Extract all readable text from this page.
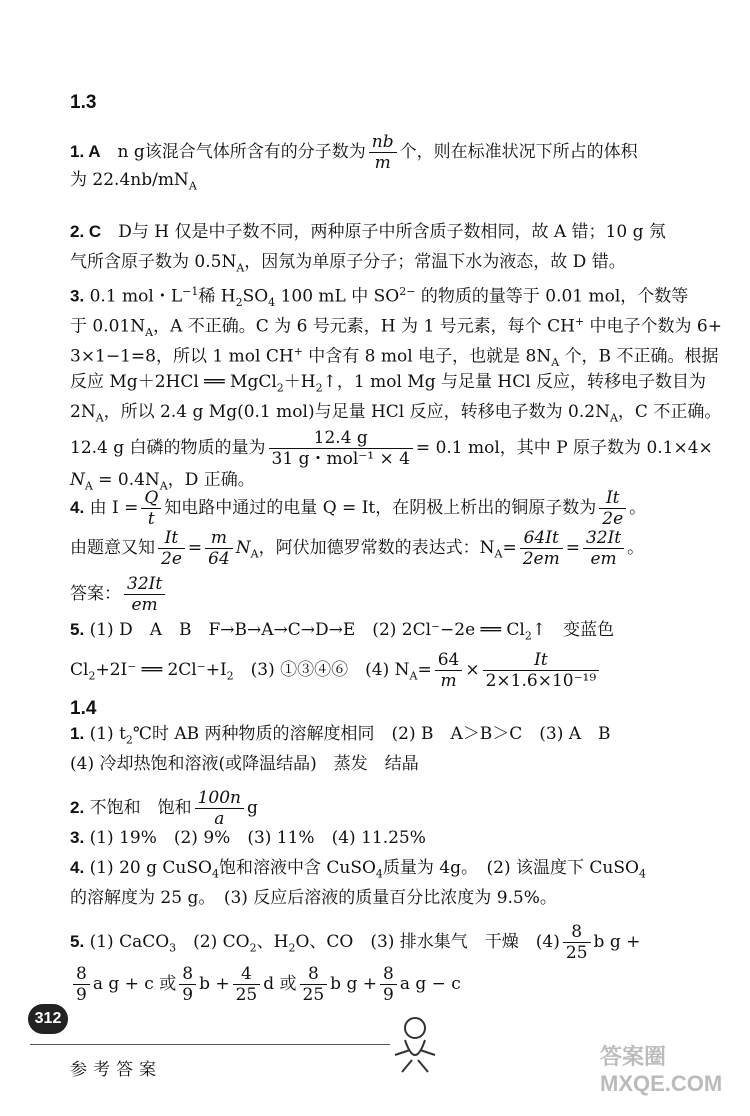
1.3
1. A　 n g该混合气体所含有的分子数为 $\frac{nb}{m}$ 个，则在标准状况下所占的体积
为 $22.4nb/mN_A$
2. C　 D与 H 仅是中子数不同，两种原子中所含质子数相同，故 A 错；10 g 氖
气所含原子数为 $0.5N_A$，因氖为单原子分子；常温下水为液态，故 D 错。
3. 0.1 mol・$L^{-1}$稀 $H_2SO_4$ 100 mL 中 $SO^{2-}$ 的物质的量等于 0.01 mol，个数等
于 $0.01N_A$，A 不正确。C 为 6 号元素，H 为 1 号元素，每个 CH+ 中电子个数为 6+
3×1−1=8，所以 1 mol CH+ 中含有 8 mol 电子，也就是 $8N_A$ 个，B 不正确。根据
反应 Mg＋2HCl ══ $MgCl_2+H_2↑$，1 mol Mg 与足量 HCl 反应，转移电子数目为
$2N_A$，所以 2.4 g Mg(0.1 mol)与足量 HCl 反应，转移电子数为 $0.2N_A$，C 不正确。
12.4 g 白磷的物质的量为 $\frac{12.4 g}{\text{31 g・mol⁻¹ × 4}} = 0.1$ mol，其中 P 原子数为 0.1×4×
$N_A = 0.4N_A$，D 正确。
4. 由 $I = \frac{Q}{t}$ 知电路中通过的电量 Q = It，在阴极上析出的铜原子数为 $\frac{It}{2e}$ 。
由题意又知 $\frac{It}{2e} = \frac{m}{64} N_A$，阿伏加德罗常数的表达式：$N_A= \frac{64It}{2em} = \frac{32It}{em}$ 。
答案： $\frac{32It}{em}$
5. (1) D　A　B　F→B→A→C→D→E　(2) 2Cl⁻−2e ══ $Cl_2↑$　变蓝色
$Cl_2+2I^-$ ══ $2Cl^-+I_2$　(3) ①③④⑥　(4) $N_A= \frac{64}{m} \times \frac{It}{\text{2×1.6×10⁻¹⁹}}$
1.4
1. (1) $t_2℃$时 AB 两种物质的溶解度相同　(2) B　A＞B＞C　(3) A　B
(4) 冷却热饱和溶液(或降温结晶)　蒸发　结晶
2. 不饱和　饱和 $\frac{100n}{a}$ g
3. (1) 19%　(2) 9%　(3) 11%　(4) 11.25%
4. (1) 20 g CuSO$_4$饱和溶液中含 CuSO$_4$质量为 4g。　(2) 该温度下 CuSO$_4$
的溶解度为 25 g。　(3) 反应后溶液的质量百分比浓度为 9.5%。
5. (1) CaCO$_3$　 (2) $CO_2$、$H_2O$、CO　(3) 排水集气　干燥　$(4) \frac{8}{25}$ b g +
$\frac{8}{9}$ a g + c 或 $\frac{8}{9}$ $b + \frac{4}{25}$ d 或 $\frac{8}{25}$ b $g + \frac{8}{9}$ a g − c
312
参考答案
答案圈 MXQE.COM
